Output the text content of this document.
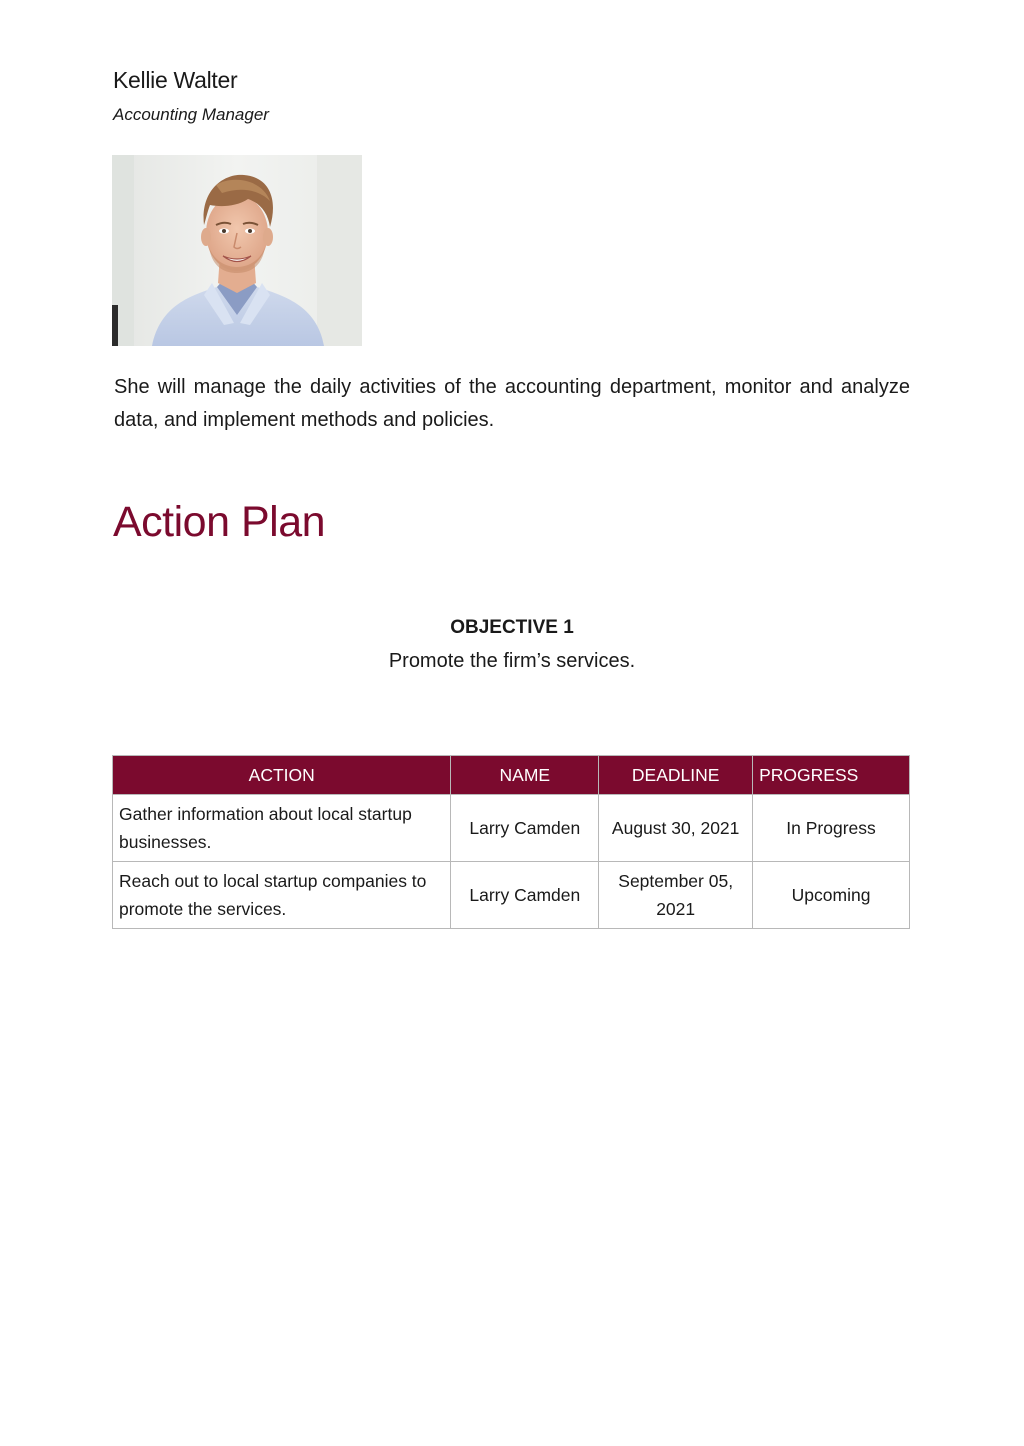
Kellie Walter
Accounting Manager
She will manage the daily activities of the accounting department, monitor and analyze data, and implement methods and policies.
Action Plan
OBJECTIVE 1
Promote the firm’s services.
ACTION	NAME	DEADLINE	PROGRESS
Gather information about local startup businesses.	Larry Camden	August 30, 2021	In Progress
Reach out to local startup companies to promote the services.	Larry Camden	September 05, 2021	Upcoming
